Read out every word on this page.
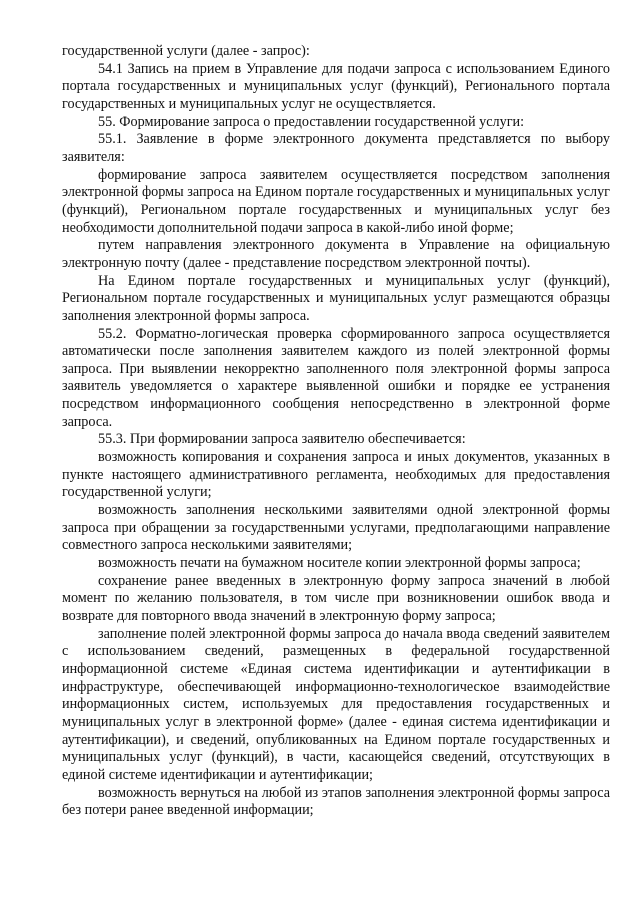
государственной услуги (далее - запрос):

54.1 Запись на прием в Управление для подачи запроса с использованием Единого портала государственных и муниципальных услуг (функций), Регионального портала государственных и муниципальных услуг не осуществляется.

55. Формирование запроса о предоставлении государственной услуги:

55.1. Заявление в форме электронного документа представляется по выбору заявителя:

формирование запроса заявителем осуществляется посредством заполнения электронной формы запроса на Едином портале государственных и муниципальных услуг (функций), Региональном портале государственных и муниципальных услуг без необходимости дополнительной подачи запроса в какой-либо иной форме;

путем направления электронного документа в Управление на официальную электронную почту (далее - представление посредством электронной почты).

На Едином портале государственных и муниципальных услуг (функций), Региональном портале государственных и муниципальных услуг размещаются образцы заполнения электронной формы запроса.

55.2. Форматно-логическая проверка сформированного запроса осуществляется автоматически после заполнения заявителем каждого из полей электронной формы запроса. При выявлении некорректно заполненного поля электронной формы запроса заявитель уведомляется о характере выявленной ошибки и порядке ее устранения посредством информационного сообщения непосредственно в электронной форме запроса.

55.3. При формировании запроса заявителю обеспечивается:

возможность копирования и сохранения запроса и иных документов, указанных в пункте настоящего административного регламента, необходимых для предоставления государственной услуги;

возможность заполнения несколькими заявителями одной электронной формы запроса при обращении за государственными услугами, предполагающими направление совместного запроса несколькими заявителями;

возможность печати на бумажном носителе копии электронной формы запроса;

сохранение ранее введенных в электронную форму запроса значений в любой момент по желанию пользователя, в том числе при возникновении ошибок ввода и возврате для повторного ввода значений в электронную форму запроса;

заполнение полей электронной формы запроса до начала ввода сведений заявителем с использованием сведений, размещенных в федеральной государственной информационной системе «Единая система идентификации и аутентификации в инфраструктуре, обеспечивающей информационно-технологическое взаимодействие информационных систем, используемых для предоставления государственных и муниципальных услуг в электронной форме» (далее - единая система идентификации и аутентификации), и сведений, опубликованных на Едином портале государственных и муниципальных услуг (функций), в части, касающейся сведений, отсутствующих в единой системе идентификации и аутентификации;

возможность вернуться на любой из этапов заполнения электронной формы запроса без потери ранее введенной информации;
